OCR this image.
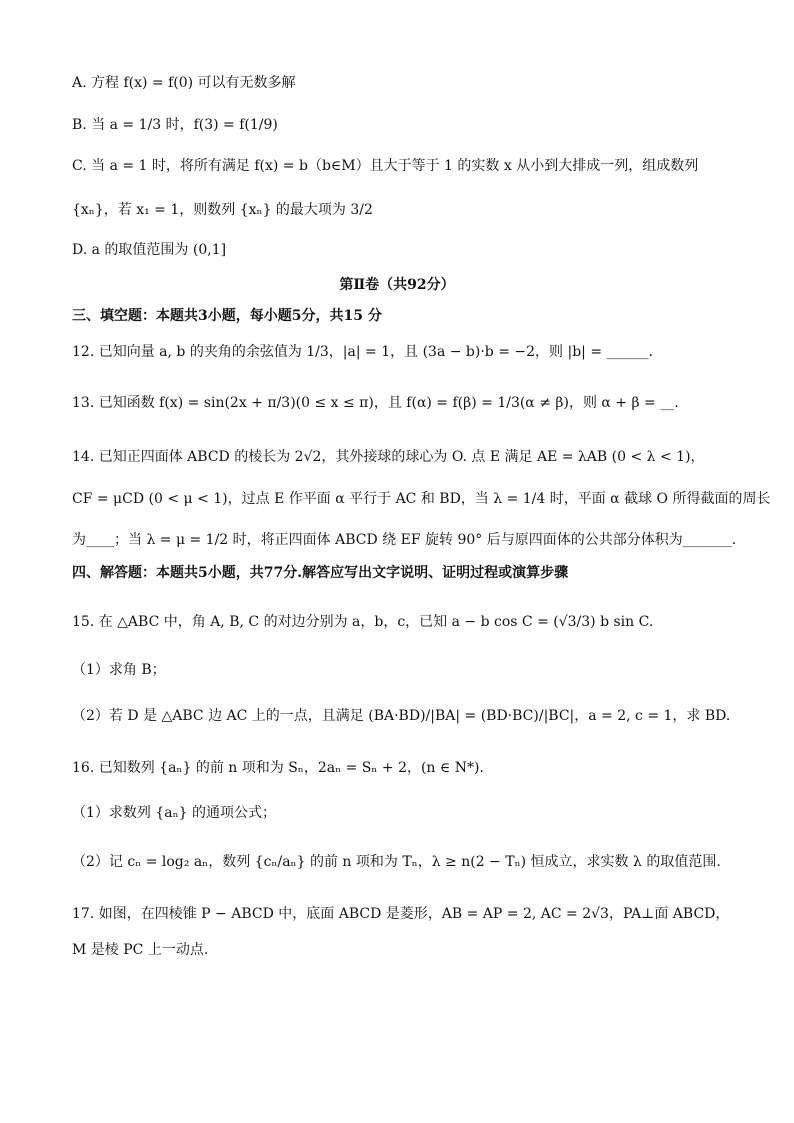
A. 方程 f(x) = f(0) 可以有无数多解
B. 当 a = 1/3 时，f(3) = f(1/9)
C. 当 a = 1 时，将所有满足 f(x) = b（b∈M）且大于等于 1 的实数 x 从小到大排成一列，组成数列
{xₙ}，若 x₁ = 1，则数列 {xₙ} 的最大项为 3/2
D. a 的取值范围为 (0,1]
第Ⅱ卷（共92分）
三、填空题：本题共3小题，每小题5分，共15 分
12. 已知向量 a, b 的夹角的余弦值为 1/3，|a| = 1，且 (3a − b)·b = −2，则 |b| = ______.
13. 已知函数 f(x) = sin(2x + π/3)(0 ≤ x ≤ π)，且 f(α) = f(β) = 1/3(α ≠ β)，则 α + β = __.
14. 已知正四面体 ABCD 的棱长为 2√2，其外接球的球心为 O. 点 E 满足 AE = λAB (0 < λ < 1)，
CF = μCD (0 < μ < 1)，过点 E 作平面 α 平行于 AC 和 BD，当 λ = 1/4 时，平面 α 截球 O 所得截面的周长
为____；当 λ = μ = 1/2 时，将正四面体 ABCD 绕 EF 旋转 90° 后与原四面体的公共部分体积为_______.
四、解答题：本题共5小题，共77分.解答应写出文字说明、证明过程或演算步骤
15. 在 △ABC 中，角 A, B, C 的对边分别为 a，b，c，已知 a − b cos C = (√3/3) b sin C.
（1）求角 B；
（2）若 D 是 △ABC 边 AC 上的一点，且满足 (BA·BD)/|BA| = (BD·BC)/|BC|，a = 2, c = 1，求 BD.
16. 已知数列 {aₙ} 的前 n 项和为 Sₙ，2aₙ = Sₙ + 2，(n ∈ N*).
（1）求数列 {aₙ} 的通项公式；
（2）记 cₙ = log₂ aₙ，数列 {cₙ/aₙ} 的前 n 项和为 Tₙ，λ ≥ n(2 − Tₙ) 恒成立，求实数 λ 的取值范围.
17. 如图，在四棱锥 P − ABCD 中，底面 ABCD 是菱形，AB = AP = 2, AC = 2√3，PA⊥面 ABCD，
M 是棱 PC 上一动点.
